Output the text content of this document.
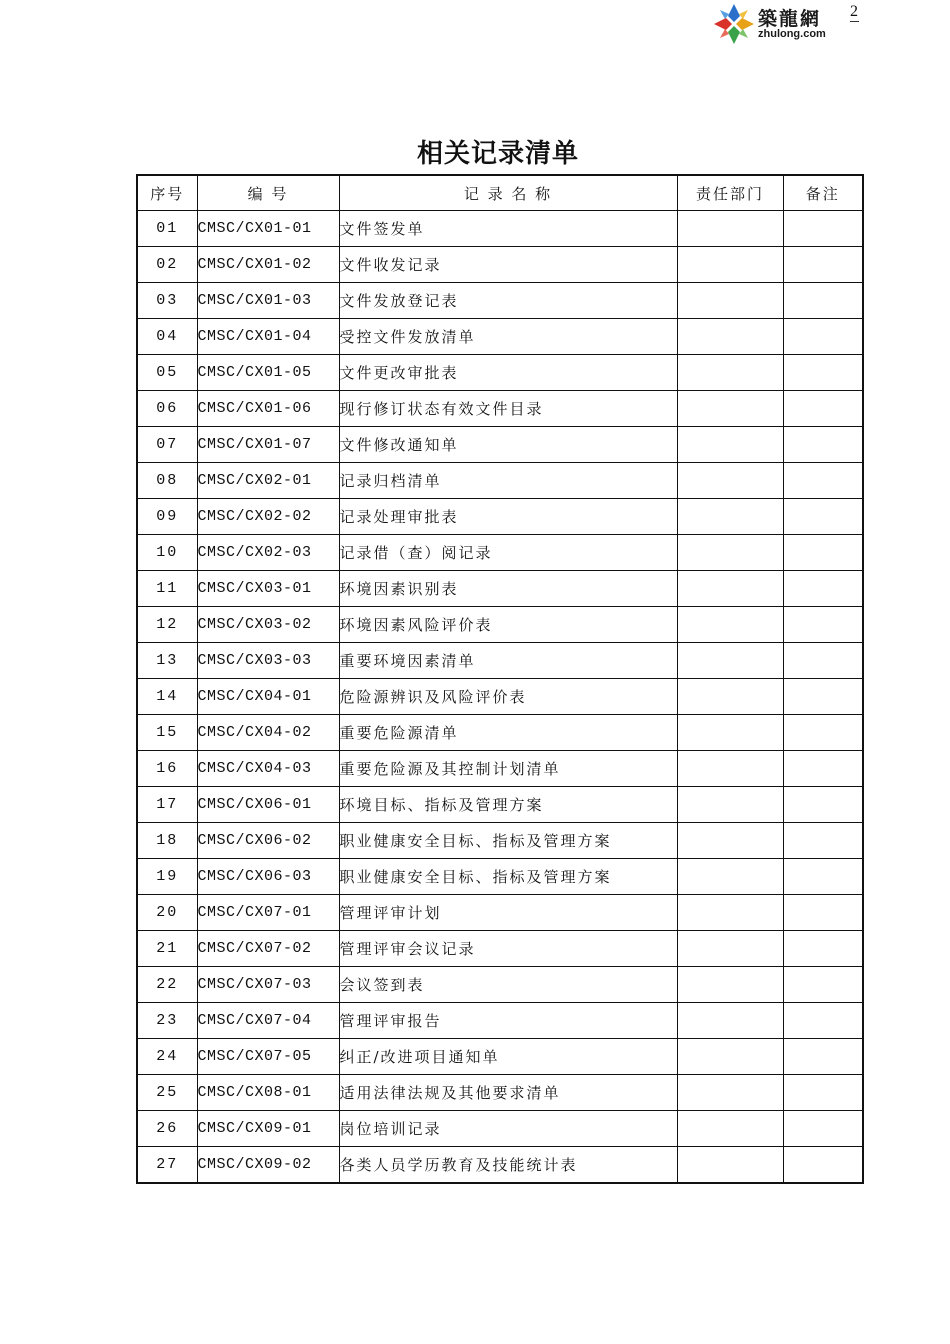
築龍網
zhulong.com
2
相关记录清单
序号	编 号	记 录 名 称	责任部门	备注
01	CMSC/CX01-01	文件签发单		
02	CMSC/CX01-02	文件收发记录		
03	CMSC/CX01-03	文件发放登记表		
04	CMSC/CX01-04	受控文件发放清单		
05	CMSC/CX01-05	文件更改审批表		
06	CMSC/CX01-06	现行修订状态有效文件目录		
07	CMSC/CX01-07	文件修改通知单		
08	CMSC/CX02-01	记录归档清单		
09	CMSC/CX02-02	记录处理审批表		
10	CMSC/CX02-03	记录借（查）阅记录		
11	CMSC/CX03-01	环境因素识别表		
12	CMSC/CX03-02	环境因素风险评价表		
13	CMSC/CX03-03	重要环境因素清单		
14	CMSC/CX04-01	危险源辨识及风险评价表		
15	CMSC/CX04-02	重要危险源清单		
16	CMSC/CX04-03	重要危险源及其控制计划清单		
17	CMSC/CX06-01	环境目标、指标及管理方案		
18	CMSC/CX06-02	职业健康安全目标、指标及管理方案		
19	CMSC/CX06-03	职业健康安全目标、指标及管理方案		
20	CMSC/CX07-01	管理评审计划		
21	CMSC/CX07-02	管理评审会议记录		
22	CMSC/CX07-03	会议签到表		
23	CMSC/CX07-04	管理评审报告		
24	CMSC/CX07-05	纠正/改进项目通知单		
25	CMSC/CX08-01	适用法律法规及其他要求清单		
26	CMSC/CX09-01	岗位培训记录		
27	CMSC/CX09-02	各类人员学历教育及技能统计表		
